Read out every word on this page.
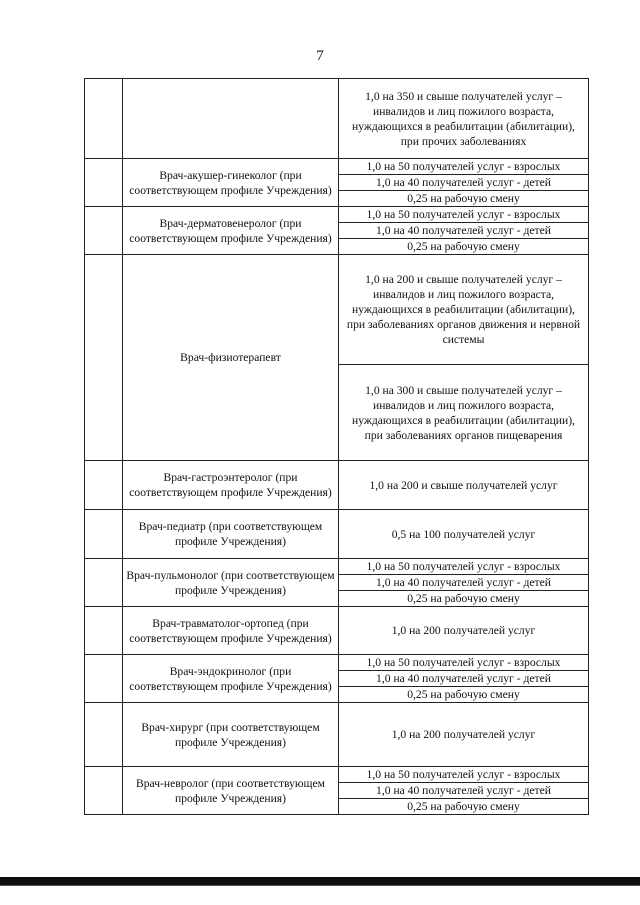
7
		1,0 на 350 и свыше получателей услуг – инвалидов и лиц пожилого возраста, нуждающихся в реабилитации (абилитации), при прочих заболеваниях
	Врач-акушер-гинеколог (при соответствующем профиле Учреждения)	1,0 на 50 получателей услуг - взрослых
		1,0 на 40 получателей услуг - детей
		0,25 на рабочую смену
	Врач-дерматовенеролог (при соответствующем профиле Учреждения)	1,0 на 50 получателей услуг - взрослых
		1,0 на 40 получателей услуг - детей
		0,25 на рабочую смену
	Врач-физиотерапевт	1,0 на 200 и свыше получателей услуг – инвалидов и лиц пожилого возраста, нуждающихся в реабилитации (абилитации), при заболеваниях органов движения и нервной системы
		1,0 на 300 и свыше получателей услуг – инвалидов и лиц пожилого возраста, нуждающихся в реабилитации (абилитации), при заболеваниях органов пищеварения
	Врач-гастроэнтеролог (при соответствующем профиле Учреждения)	1,0 на 200 и свыше получателей услуг
	Врач-педиатр (при соответствующем профиле Учреждения)	0,5 на 100 получателей услуг
	Врач-пульмонолог (при соответствующем профиле Учреждения)	1,0 на 50 получателей услуг - взрослых
		1,0 на 40 получателей услуг - детей
		0,25 на рабочую смену
	Врач-травматолог-ортопед (при соответствующем профиле Учреждения)	1,0 на 200 получателей услуг
	Врач-эндокринолог (при соответствующем профиле Учреждения)	1,0 на 50 получателей услуг - взрослых
		1,0 на 40 получателей услуг - детей
		0,25 на рабочую смену
	Врач-хирург (при соответствующем профиле Учреждения)	1,0 на 200 получателей услуг
	Врач-невролог (при соответствующем профиле Учреждения)	1,0 на 50 получателей услуг - взрослых
		1,0 на 40 получателей услуг - детей
		0,25 на рабочую смену
